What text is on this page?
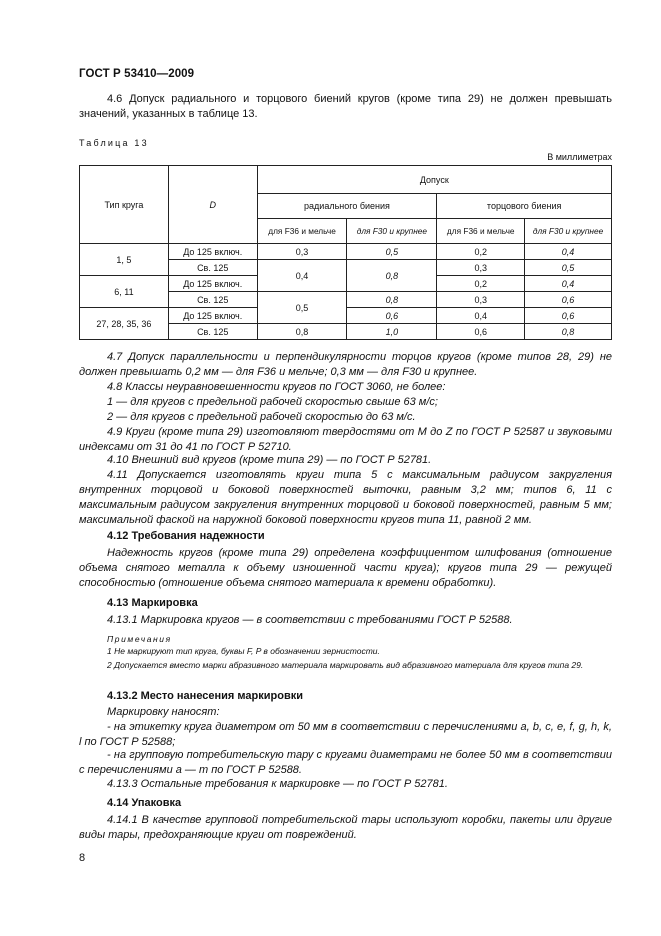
ГОСТ Р 53410—2009
4.6 Допуск радиального и торцового биений кругов (кроме типа 29) не должен превышать значений, указанных в таблице 13.
Таблица 13
В миллиметрах
Тип круга	D	Допуск			
		радиального биения		торцового биения	
		для F36 и мельче	для F30 и крупнее	для F36 и мельче	для F30 и крупнее
1, 5	До 125 включ.	0,3	0,5	0,2	0,4
	Св. 125	0,4	0,8	0,3	0,5
6, 11	До 125 включ.			0,2	0,4
	Св. 125	0,5	0,8	0,3	0,6
27, 28, 35, 36	До 125 включ.		0,6	0,4	0,6
	Св. 125	0,8	1,0	0,6	0,8
4.7 Допуск параллельности и перпендикулярности торцов кругов (кроме типов 28, 29) не должен превышать 0,2 мм — для F36 и мельче; 0,3 мм — для F30 и крупнее.
4.8 Классы неуравновешенности кругов по ГОСТ 3060, не более:
1 — для кругов с предельной рабочей скоростью свыше 63 м/с;
2 — для кругов с предельной рабочей скоростью до 63 м/с.
4.9 Круги (кроме типа 29) изготовляют твердостями от M до Z по ГОСТ Р 52587 и звуковыми индексами от 31 до 41 по ГОСТ Р 52710.
4.10 Внешний вид кругов (кроме типа 29) — по ГОСТ Р 52781.
4.11 Допускается изготовлять круги типа 5 с максимальным радиусом закругления внутренних торцовой и боковой поверхностей выточки, равным 3,2 мм; типов 6, 11 с максимальным радиусом закругления внутренних торцовой и боковой поверхностей, равным 5 мм; максимальной фаской на наружной боковой поверхности кругов типа 11, равной 2 мм.
4.12 Требования надежности
Надежность кругов (кроме типа 29) определена коэффициентом шлифования (отношение объема снятого металла к объему изношенной части круга); кругов типа 29 — режущей способностью (отношение объема снятого материала к времени обработки).
4.13 Маркировка
4.13.1 Маркировка кругов — в соответствии с требованиями ГОСТ Р 52588.
Примечания
1 Не маркируют тип круга, буквы F, P в обозначении зернистости.
2 Допускается вместо марки абразивного материала маркировать вид абразивного материала для кругов типа 29.
4.13.2 Место нанесения маркировки
Маркировку наносят:
- на этикетку круга диаметром от 50 мм в соответствии с перечислениями a, b, c, e, f, g, h, k, l по ГОСТ Р 52588;
- на групповую потребительскую тару с кругами диаметрами не более 50 мм в соответствии с перечислениями a — m по ГОСТ Р 52588.
4.13.3 Остальные требования к маркировке — по ГОСТ Р 52781.
4.14 Упаковка
4.14.1 В качестве групповой потребительской тары используют коробки, пакеты или другие виды тары, предохраняющие круги от повреждений.
8
